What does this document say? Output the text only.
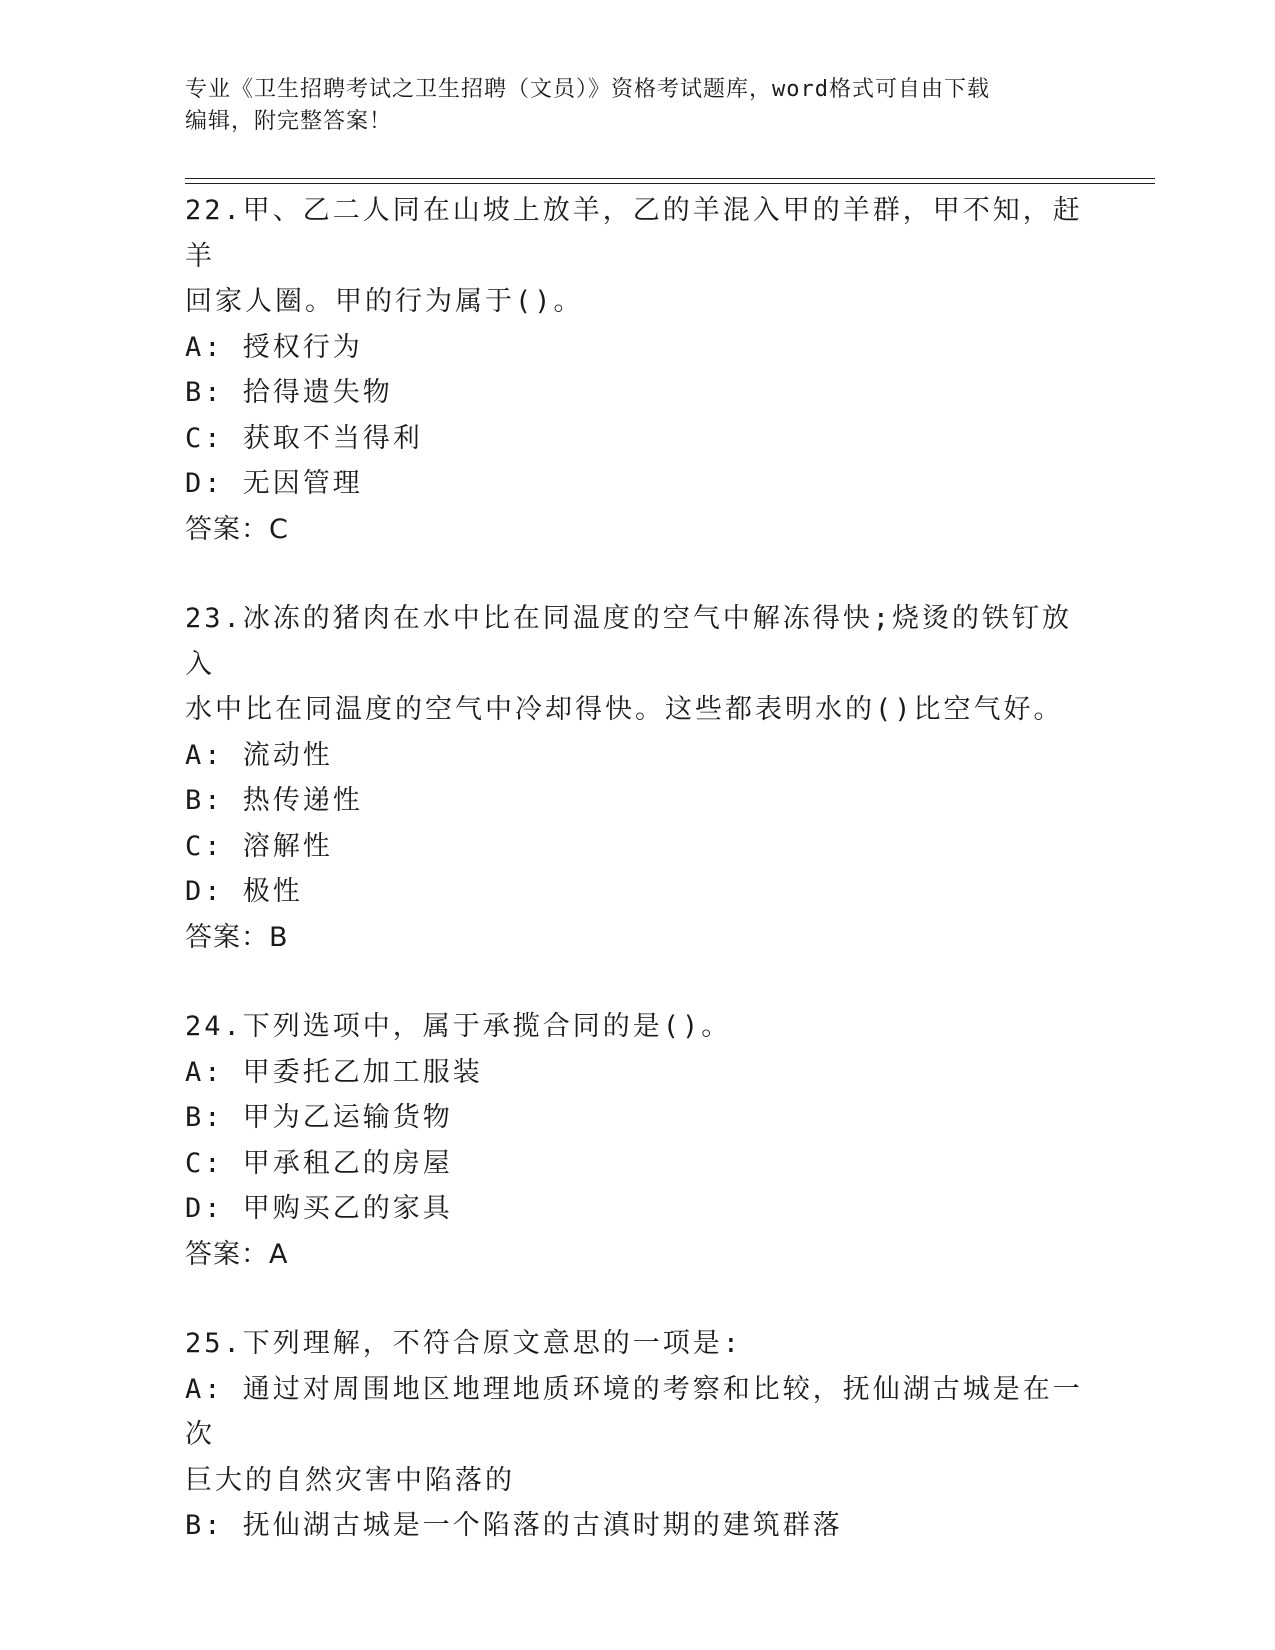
专业《卫生招聘考试之卫生招聘（文员）》资格考试题库，word格式可自由下载
编辑，附完整答案！
22.甲、乙二人同在山坡上放羊，乙的羊混入甲的羊群，甲不知，赶羊
回家人圈。甲的行为属于()。
A: 授权行为
B: 拾得遗失物
C: 获取不当得利
D: 无因管理
答案：C
23.冰冻的猪肉在水中比在同温度的空气中解冻得快;烧烫的铁钉放入
水中比在同温度的空气中冷却得快。这些都表明水的()比空气好。
A: 流动性
B: 热传递性
C: 溶解性
D: 极性
答案：B
24.下列选项中，属于承揽合同的是()。
A: 甲委托乙加工服装
B: 甲为乙运输货物
C: 甲承租乙的房屋
D: 甲购买乙的家具
答案：A
25.下列理解，不符合原文意思的一项是:
A: 通过对周围地区地理地质环境的考察和比较，抚仙湖古城是在一次
巨大的自然灾害中陷落的
B: 抚仙湖古城是一个陷落的古滇时期的建筑群落
